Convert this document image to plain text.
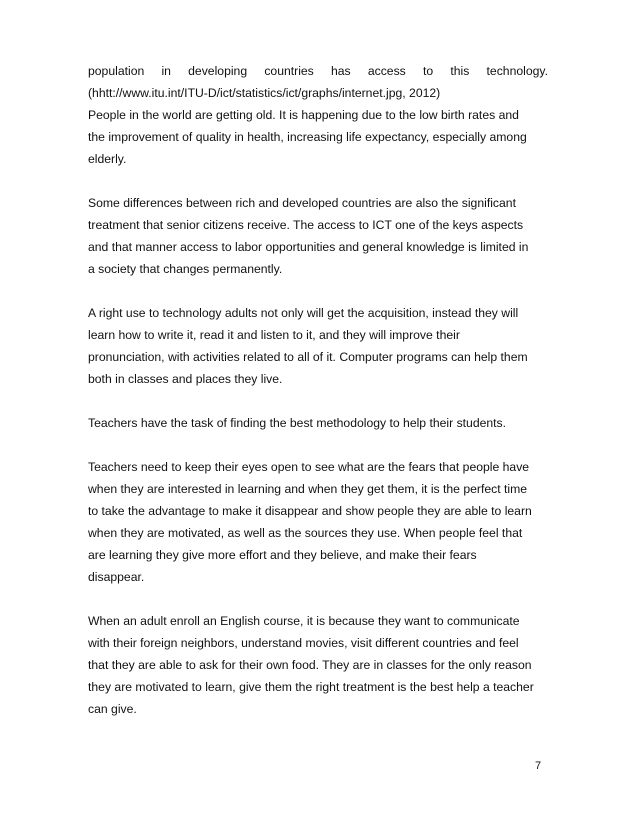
population in developing countries has access to this technology.
(hhtt://www.itu.int/ITU-D/ict/statistics/ict/graphs/internet.jpg, 2012)
People in the world are getting old. It is happening due to the low birth rates and
the improvement of quality in health, increasing life expectancy, especially among
elderly.
Some differences between rich and developed countries are also the significant
treatment that senior citizens receive. The access to ICT one of the keys aspects
and that manner access to labor opportunities and general knowledge is limited in
a society that changes permanently.
A right use to technology adults not only will get the acquisition, instead they will
learn how to write it, read it and listen to it, and they will improve their
pronunciation, with activities related to all of it. Computer programs can help them
both in classes and places they live.
Teachers have the task of finding the best methodology to help their students.
Teachers need to keep their eyes open to see what are the fears that people have
when they are interested in learning and when they get them, it is the perfect time
to take the advantage to make it disappear and show people they are able to learn
when they are motivated, as well as the sources they use. When people feel that
are learning they give more effort and they believe, and make their fears
disappear.
When an adult enroll an English course, it is because they want to communicate
with their foreign neighbors, understand movies, visit different countries and feel
that they are able to ask for their own food. They are in classes for the only reason
they are motivated to learn, give them the right treatment is the best help a teacher
can give.
7
